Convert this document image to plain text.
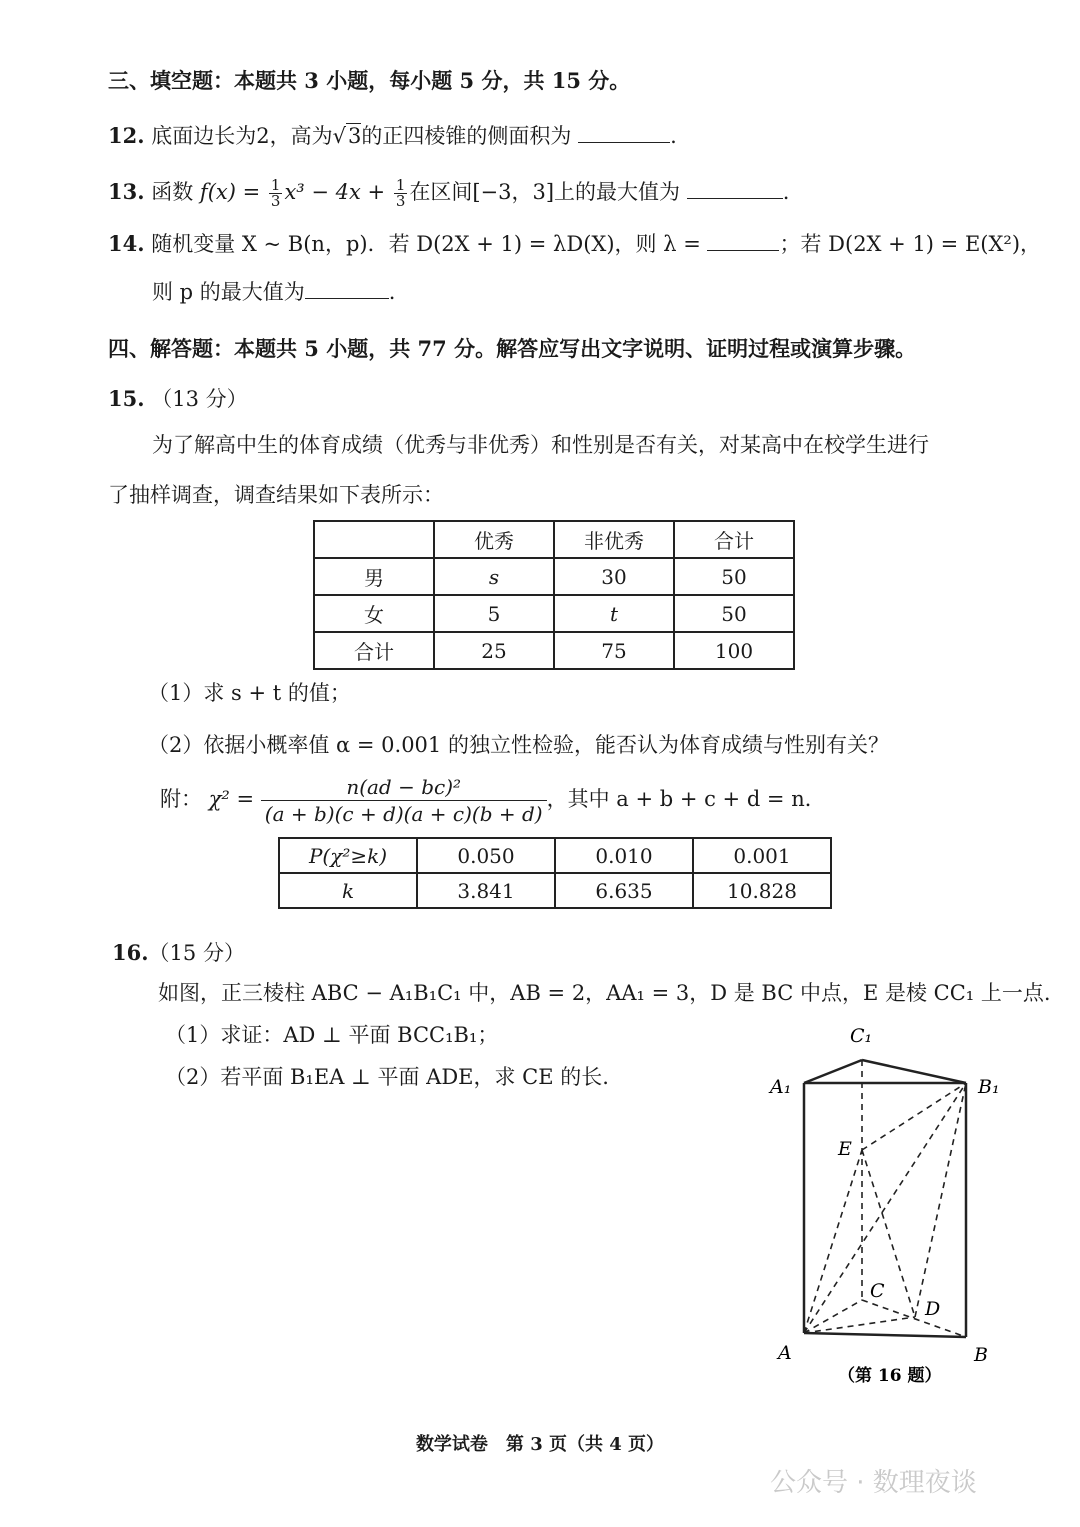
三、填空题：本题共 3 小题，每小题 5 分，共 15 分。
12. 底面边长为2，高为√3的正四棱锥的侧面积为	.
13. 函数 $f(x) = \frac{1}{3} x^3 - 4x + \frac{1}{3}$ 在区间[−3，3]上的最大值为	.
14. 随机变量 X ~ B(n，p)．若 D(2X + 1) = λD(X)，则 λ =	；若 D(2X + 1) = E(X²)，
则 p 的最大值为	.
四、解答题：本题共 5 小题，共 77 分。解答应写出文字说明、证明过程或演算步骤。
15. （13 分）
为了解高中生的体育成绩（优秀与非优秀）和性别是否有关，对某高中在校学生进行
了抽样调查，调查结果如下表所示：
	优秀	非优秀	合计
男	s	30	50
女	5	t	50
合计	25	75	100
（1）求 s + t 的值；
（2）依据小概率值 α = 0.001 的独立性检验，能否认为体育成绩与性别有关？
附： $\chi^2 = \frac{\text{n(ad − bc)²}}{(a + b)(c + d)(a + c)(b + d)}$ ，其中 a + b + c + d = n．
P(χ²≥k)	0.050	0.010	0.001
k	3.841	6.635	10.828
16.（15 分）
如图，正三棱柱 ABC − A₁B₁C₁ 中，AB = 2，AA₁ = 3，D 是 BC 中点，E 是棱 CC₁ 上一点.
（1）求证：AD ⊥ 平面 BCC₁B₁；
（2）若平面 B₁EA ⊥ 平面 ADE，求 CE 的长.
C₁
A₁	B₁
E
C
D
A	B
（第 16 题）
数学试卷　第 3 页（共 4 页）
公众号 · 数理夜谈
